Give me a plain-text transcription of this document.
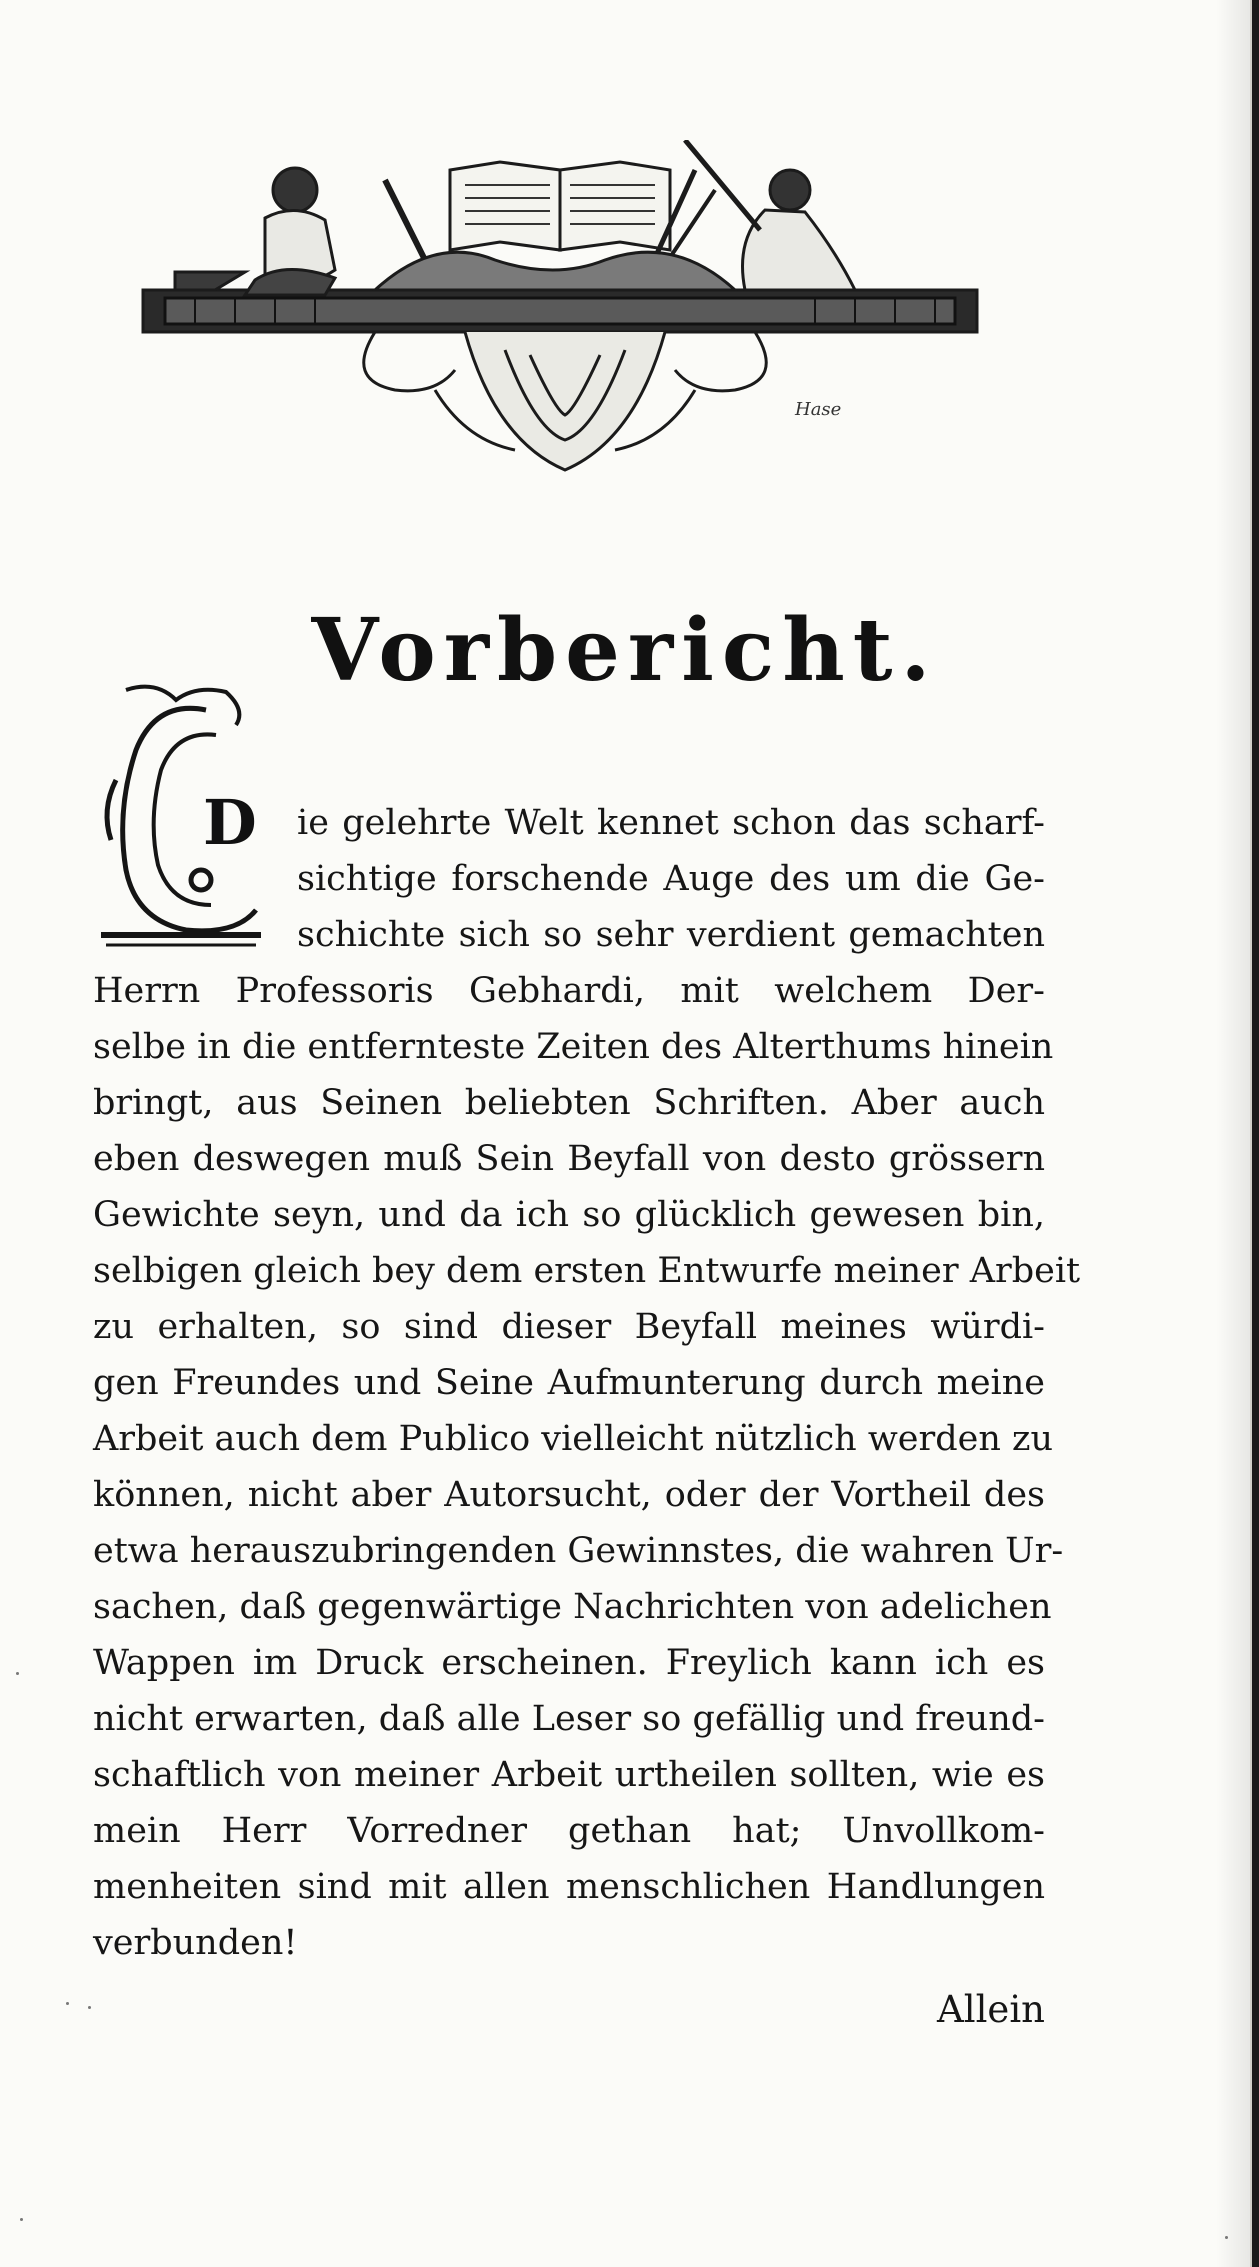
Hase
Vorbericht.
D ie gelehrte Welt kennet schon das scharf-

sichtige forschende Auge des um die Ge-

schichte sich so sehr verdient gemachten

Herrn Professoris Gebhardi, mit welchem Der-

selbe in die entfernteste Zeiten des Alterthums hinein

bringt, aus Seinen beliebten Schriften. Aber auch

eben deswegen muß Sein Beyfall von desto grössern

Gewichte seyn, und da ich so glücklich gewesen bin,

selbigen gleich bey dem ersten Entwurfe meiner Arbeit

zu erhalten, so sind dieser Beyfall meines würdi-

gen Freundes und Seine Aufmunterung durch meine

Arbeit auch dem Publico vielleicht nützlich werden zu

können, nicht aber Autorsucht, oder der Vortheil des

etwa herauszubringenden Gewinnstes, die wahren Ur-

sachen, daß gegenwärtige Nachrichten von adelichen

Wappen im Druck erscheinen. Freylich kann ich es

nicht erwarten, daß alle Leser so gefällig und freund-

schaftlich von meiner Arbeit urtheilen sollten, wie es

mein Herr Vorredner gethan hat; Unvollkom-

menheiten sind mit allen menschlichen Handlungen

verbunden!

Allein
